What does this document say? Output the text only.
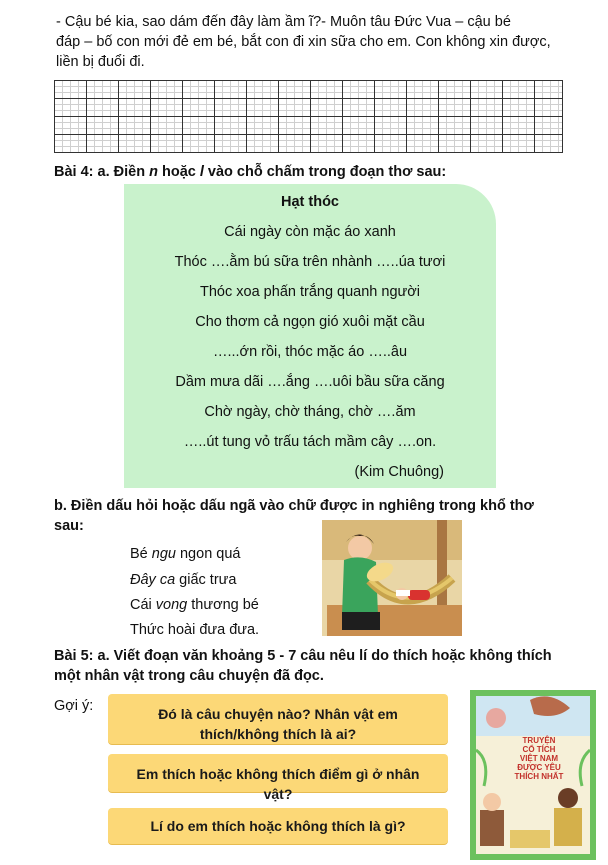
- Cậu bé kia, sao dám đến đây làm ầm ĩ?- Muôn tâu Đức Vua – cậu bé

đáp – bố con mới đẻ em bé, bắt con đi xin sữa cho em. Con không xin được,

liền bị đuổi đi.

Bài 4: a. Điền n hoặc l vào chỗ chấm trong đoạn thơ sau:
Hạt thóc
Cái ngày còn mặc áo xanh
Thóc ….ằm bú sữa trên nhành …..úa tươi
Thóc xoa phấn trắng quanh người
Cho thơm cả ngọn gió xuôi mặt cầu
…...ớn rồi, thóc mặc áo …..âu
Dầm mưa dãi ….ắng ….uôi bầu sữa căng
Chờ ngày, chờ tháng, chờ ….ăm
…..út tung vỏ trấu tách mầm cây ….on.
(Kim Chuông)
b. Điền dấu hỏi hoặc dấu ngã vào chữ được in nghiêng trong khổ thơ
sau:
Bé ngu ngon quá
Đây ca giấc trưa
Cái vong thương bé
Thức hoài đưa đưa.
Bài 5: a. Viết đoạn văn khoảng 5 - 7 câu nêu lí do thích hoặc không thích
một nhân vật trong câu chuyện đã đọc.
Gợi ý:	Đó là câu chuyện nào? Nhân vật em thích/không thích là ai?
Em thích hoặc không thích điểm gì ở nhân vật?
Lí do em thích hoặc không thích là gì?
TRUYỆN
CỔ TÍCH
VIỆT NAM
ĐƯỢC YÊU
THÍCH NHẤT
